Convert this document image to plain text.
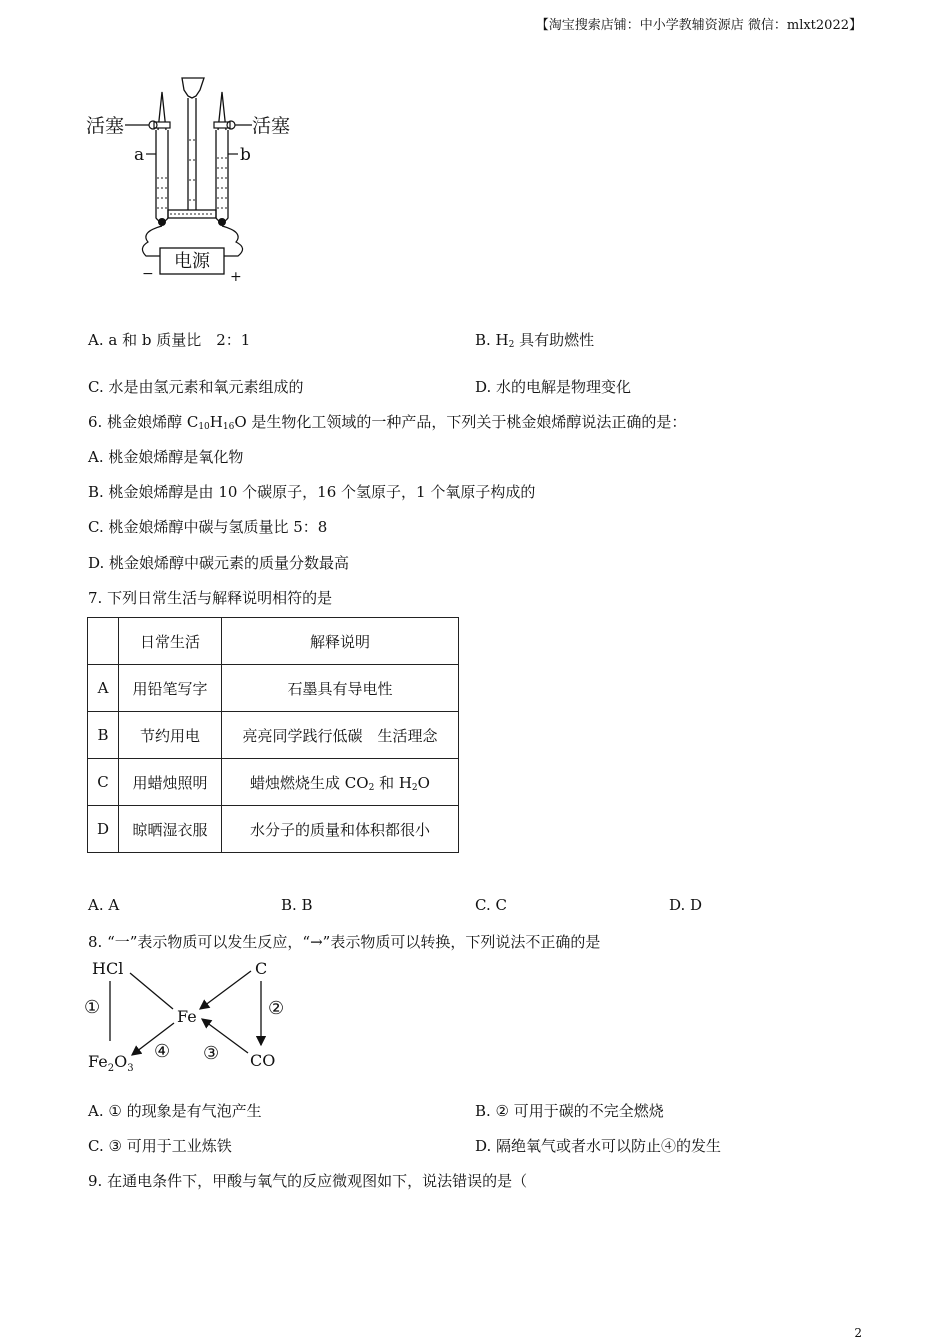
【淘宝搜索店铺：中小学教辅资源店 微信：mlxt2022】
电源
−	+
活塞	活塞
a	b
A. a 和 b 质量比　2：1	B. $H_2$ 具有助燃性
C. 水是由氢元素和氧元素组成的	D. 水的电解是物理变化
6. 桃金娘烯醇 $C_{10}H_{16}O$ 是生物化工领域的一种产品，下列关于桃金娘烯醇说法正确的是：
A. 桃金娘烯醇是氧化物
B. 桃金娘烯醇是由 10 个碳原子，16 个氢原子，1 个氧原子构成的
C. 桃金娘烯醇中碳与氢质量比 5：8
D. 桃金娘烯醇中碳元素的质量分数最高
7. 下列日常生活与解释说明相符的是
	日常生活	解释说明
A	用铅笔写字	石墨具有导电性
B	节约用电	亮亮同学践行低碳　生活理念
C	用蜡烛照明	蜡烛燃烧生成 $CO_2$ 和 $H_2O$
D	晾晒湿衣服	水分子的质量和体积都很小
A. A	B. B	C. C	D. D
8. “一”表示物质可以发生反应，“→”表示物质可以转换，下列说法不正确的是
HCl	C
Fe
CO
$Fe_2O_3$
①	②
③
④
A. ① 的现象是有气泡产生	B. ② 可用于碳的不完全燃烧
C. ③ 可用于工业炼铁	D. 隔绝氧气或者水可以防止④的发生
9. 在通电条件下，甲酸与氧气的反应微观图如下，说法错误的是（
2
